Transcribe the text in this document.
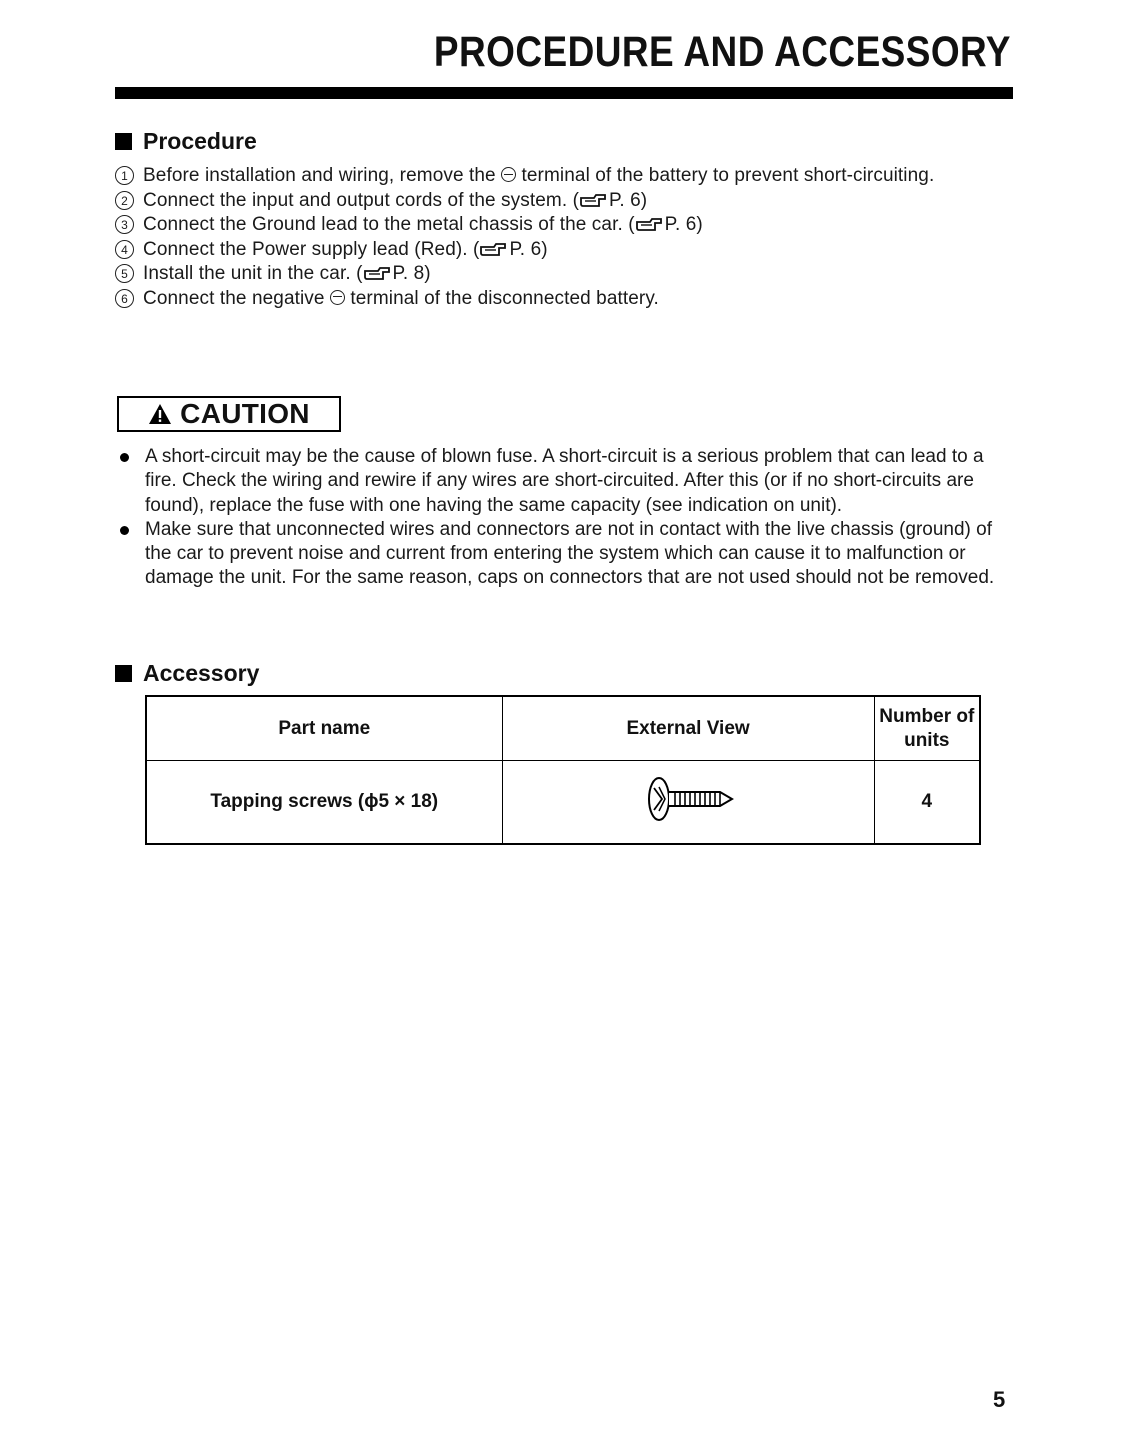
PROCEDURE AND ACCESSORY
Procedure
1 Before installation and wiring, remove the terminal of the battery to prevent short-circuiting.
2 Connect the input and output cords of the system. ( P. 6)
3 Connect the Ground lead to the metal chassis of the car. ( P. 6)
4 Connect the Power supply lead (Red). ( P. 6)
5 Install the unit in the car. ( P. 8)
6 Connect the negative terminal of the disconnected battery.
CAUTION
A short-circuit may be the cause of blown fuse. A short-circuit is a serious problem that can lead to a fire. Check the wiring and rewire if any wires are short-circuited. After this (or if no short-circuits are found), replace the fuse with one having the same capacity (see indication on unit).
Make sure that unconnected wires and connectors are not in contact with the live chassis (ground) of the car to prevent noise and current from entering the system which can cause it to malfunction or damage the unit. For the same reason, caps on connectors that are not used should not be removed.
Accessory
Part name	External View	Number of units
Tapping screws (ϕ5 × 18)		4
5
